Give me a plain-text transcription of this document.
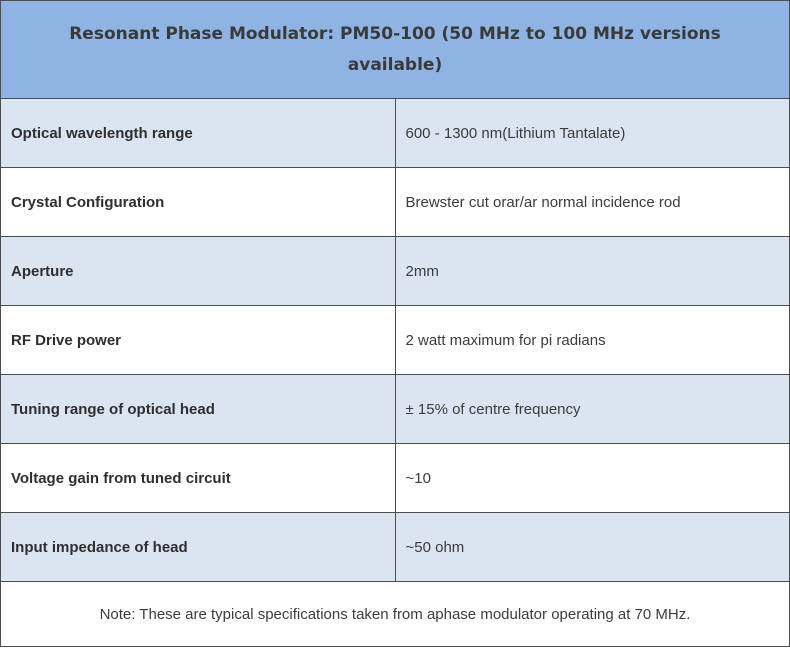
Resonant Phase Modulator: PM50-100 (50 MHz to 100 MHz versions available)	
Optical wavelength range	600 - 1300 nm(Lithium Tantalate)
Crystal Configuration	Brewster cut orar/ar normal incidence rod
Aperture	2mm
RF Drive power	2 watt maximum for pi radians
Tuning range of optical head	± 15% of centre frequency
Voltage gain from tuned circuit	~10
Input impedance of head	~50 ohm
Note: These are typical specifications taken from aphase modulator operating at 70 MHz.	
